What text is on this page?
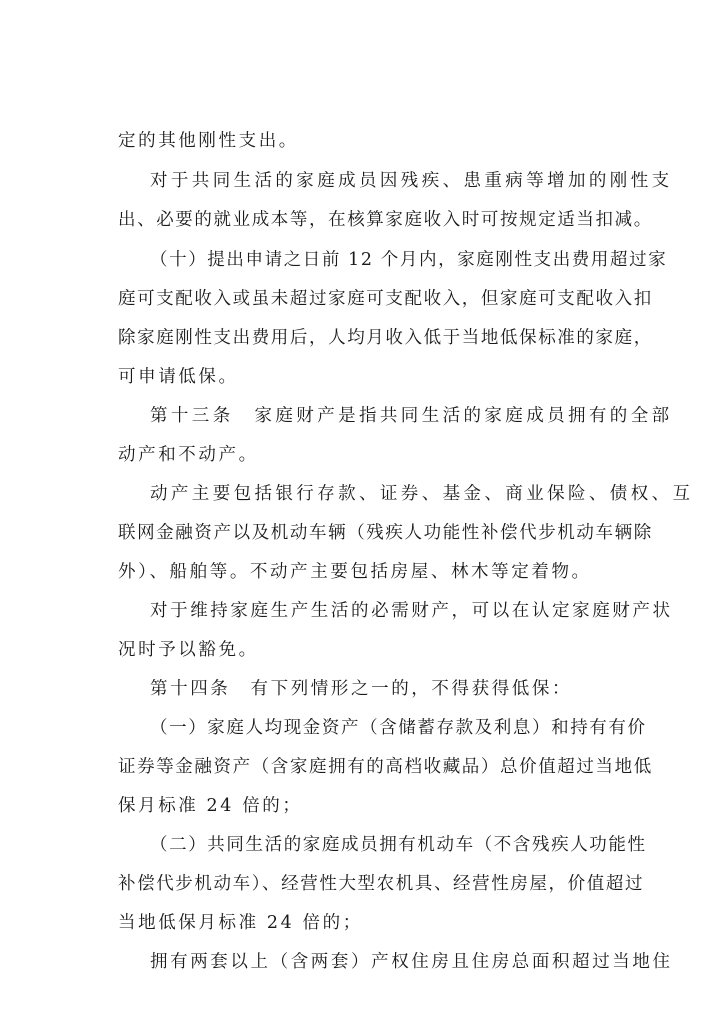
定的其他刚性支出。
对于共同生活的家庭成员因残疾、患重病等增加的刚性支
出、必要的就业成本等，在核算家庭收入时可按规定适当扣减。
（十）提出申请之日前 12 个月内，家庭刚性支出费用超过家
庭可支配收入或虽未超过家庭可支配收入，但家庭可支配收入扣
除家庭刚性支出费用后，人均月收入低于当地低保标准的家庭，
可申请低保。
第十三条　家庭财产是指共同生活的家庭成员拥有的全部
动产和不动产。
动产主要包括银行存款、证券、基金、商业保险、债权、互
联网金融资产以及机动车辆（残疾人功能性补偿代步机动车辆除
外）、船舶等。不动产主要包括房屋、林木等定着物。
对于维持家庭生产生活的必需财产，可以在认定家庭财产状
况时予以豁免。
第十四条　有下列情形之一的，不得获得低保：
（一）家庭人均现金资产（含储蓄存款及利息）和持有有价
证券等金融资产（含家庭拥有的高档收藏品）总价值超过当地低
保月标准 24 倍的；
（二）共同生活的家庭成员拥有机动车（不含残疾人功能性
补偿代步机动车）、经营性大型农机具、经营性房屋，价值超过
当地低保月标准 24 倍的；
拥有两套以上（含两套）产权住房且住房总面积超过当地住
